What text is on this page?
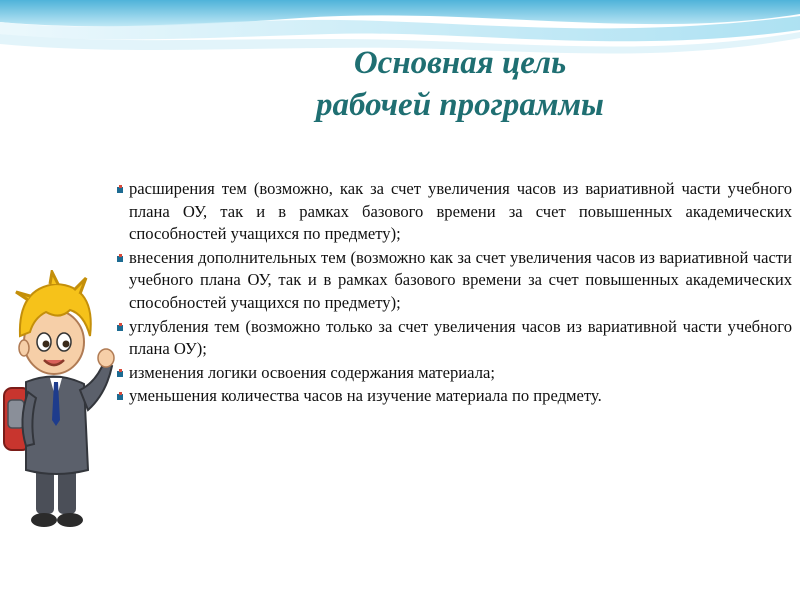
Основная цель
рабочей программы
расширения тем (возможно, как за счет увеличения часов из вариативной части учебного плана ОУ, так и в рамках базового времени за счет повышенных академических способностей учащихся по предмету);
внесения дополнительных тем (возможно как за счет увеличения часов из вариативной части учебного плана ОУ, так и в рамках базового времени за счет повышенных академических способностей учащихся по предмету);
углубления тем (возможно только за счет увеличения часов из вариативной части учебного плана ОУ);
изменения логики освоения содержания материала;
уменьшения количества часов на изучение материала по предмету.
